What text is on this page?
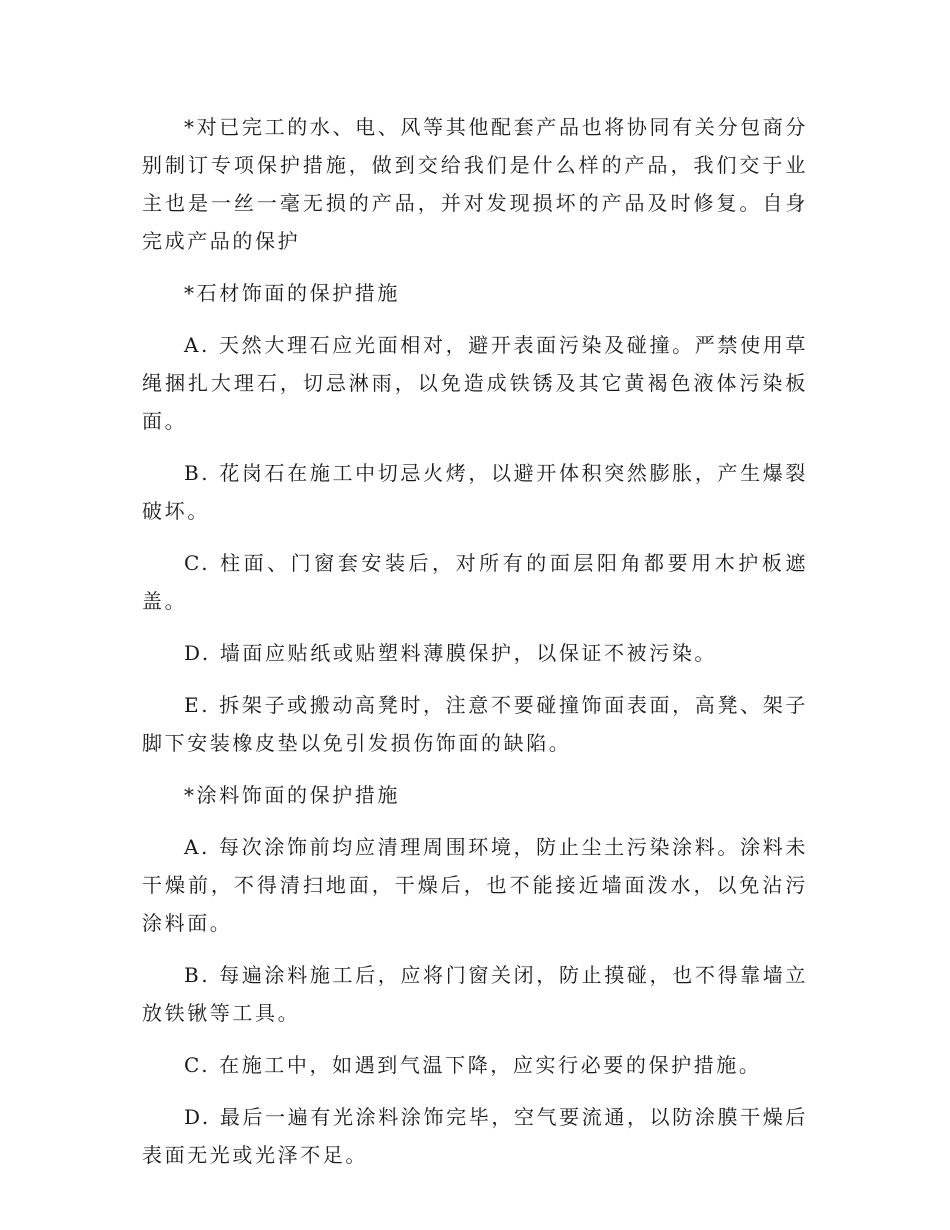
*对已完工的水、电、风等其他配套产品也将协同有关分包商分别制订专项保护措施，做到交给我们是什么样的产品，我们交于业主也是一丝一毫无损的产品，并对发现损坏的产品及时修复。自身完成产品的保护

*石材饰面的保护措施

A. 天然大理石应光面相对，避开表面污染及碰撞。严禁使用草绳捆扎大理石，切忌淋雨，以免造成铁锈及其它黄褐色液体污染板面。

B. 花岗石在施工中切忌火烤，以避开体积突然膨胀，产生爆裂破坏。

C. 柱面、门窗套安装后，对所有的面层阳角都要用木护板遮盖。

D. 墙面应贴纸或贴塑料薄膜保护，以保证不被污染。

E. 拆架子或搬动高凳时，注意不要碰撞饰面表面，高凳、架子脚下安装橡皮垫以免引发损伤饰面的缺陷。

*涂料饰面的保护措施

A. 每次涂饰前均应清理周围环境，防止尘土污染涂料。涂料未干燥前，不得清扫地面，干燥后，也不能接近墙面泼水，以免沾污涂料面。

B. 每遍涂料施工后，应将门窗关闭，防止摸碰，也不得靠墙立放铁锹等工具。

C. 在施工中，如遇到气温下降，应实行必要的保护措施。

D. 最后一遍有光涂料涂饰完毕，空气要流通，以防涂膜干燥后表面无光或光泽不足。
